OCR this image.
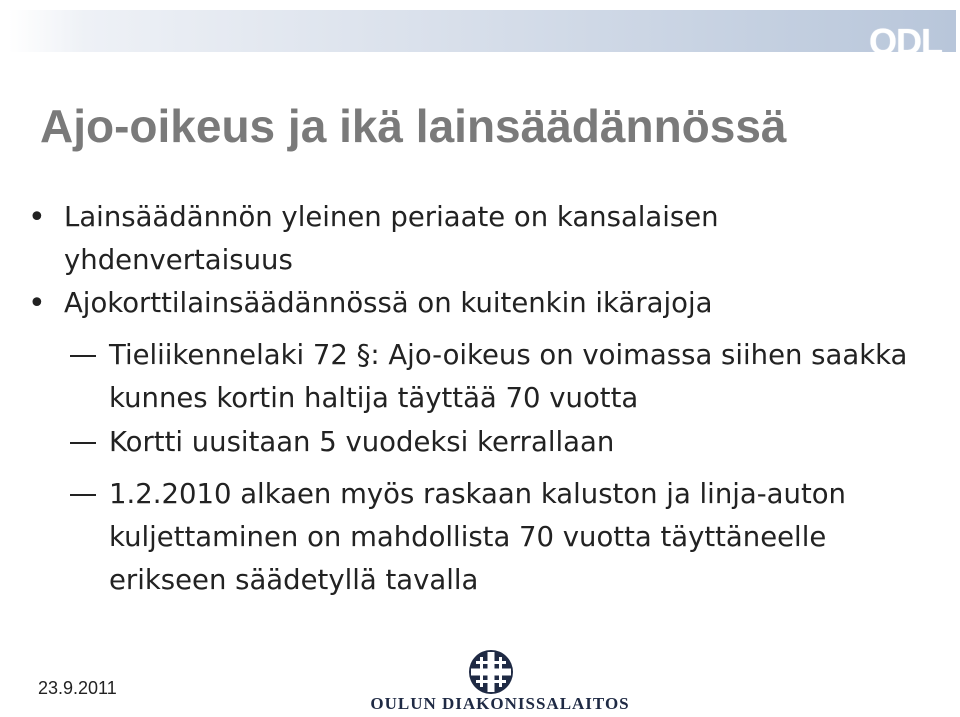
ODL
Ajo-oikeus ja ikä lainsäädännössä
• Lainsäädännön yleinen periaate on kansalaisen yhdenvertaisuus
• Ajokorttilainsäädännössä on kuitenkin ikärajoja
Tieliikennelaki 72 §: Ajo-oikeus on voimassa siihen saakka kunnes kortin haltija täyttää 70 vuotta
Kortti uusitaan 5 vuodeksi kerrallaan
1.2.2010 alkaen myös raskaan kaluston ja linja-auton kuljettaminen on mahdollista 70 vuotta täyttäneelle erikseen säädetyllä tavalla
23.9.2011
OULUN DIAKONISSALAITOS
